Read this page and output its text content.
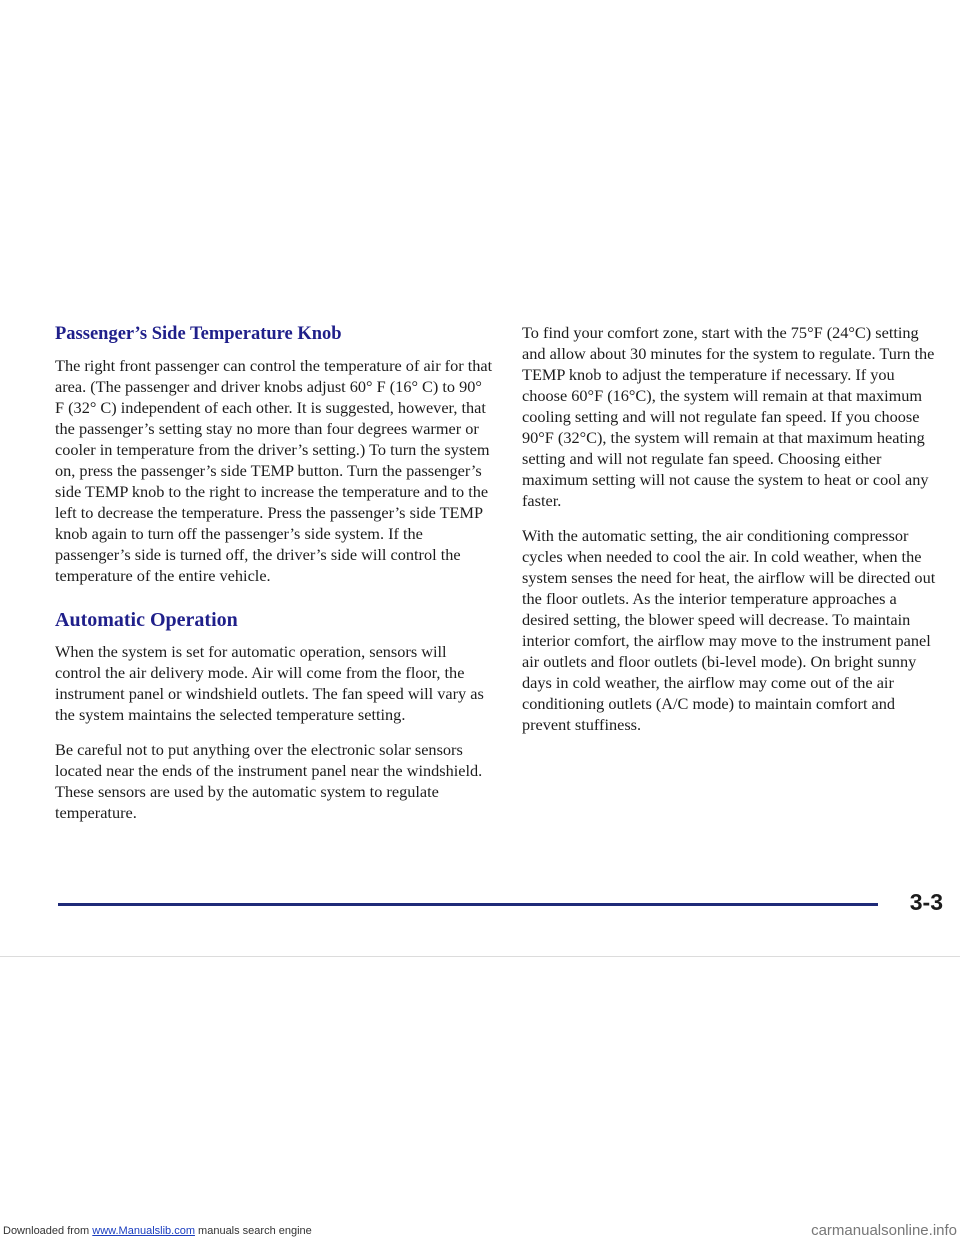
Passenger’s Side Temperature Knob

The right front passenger can control the temperature of air for that area. (The passenger and driver knobs adjust 60° F (16° C) to 90° F (32° C) independent of each other. It is suggested, however, that the passenger’s setting stay no more than four degrees warmer or cooler in temperature from the driver’s setting.) To turn the system on, press the passenger’s side TEMP button. Turn the passenger’s side TEMP knob to the right to increase the temperature and to the left to decrease the temperature. Press the passenger’s side TEMP knob again to turn off the passenger’s side system. If the passenger’s side is turned off, the driver’s side will control the temperature of the entire vehicle.

Automatic Operation

When the system is set for automatic operation, sensors will control the air delivery mode. Air will come from the floor, the instrument panel or windshield outlets. The fan speed will vary as the system maintains the selected temperature setting.

Be careful not to put anything over the electronic solar sensors located near the ends of the instrument panel near the windshield. These sensors are used by the automatic system to regulate temperature.

To find your comfort zone, start with the 75°F (24°C) setting and allow about 30 minutes for the system to regulate. Turn the TEMP knob to adjust the temperature if necessary. If you choose 60°F (16°C), the system will remain at that maximum cooling setting and will not regulate fan speed. If you choose 90°F (32°C), the system will remain at that maximum heating setting and will not regulate fan speed. Choosing either maximum setting will not cause the system to heat or cool any faster.

With the automatic setting, the air conditioning compressor cycles when needed to cool the air. In cold weather, when the system senses the need for heat, the airflow will be directed out the floor outlets. As the interior temperature approaches a desired setting, the blower speed will decrease. To maintain interior comfort, the airflow may move to the instrument panel air outlets and floor outlets (bi-level mode). On bright sunny days in cold weather, the airflow may come out of the air conditioning outlets (A/C mode) to maintain comfort and prevent stuffiness.

3-3
Downloaded from www.Manualslib.com manuals search engine	carmanualsonline.info
